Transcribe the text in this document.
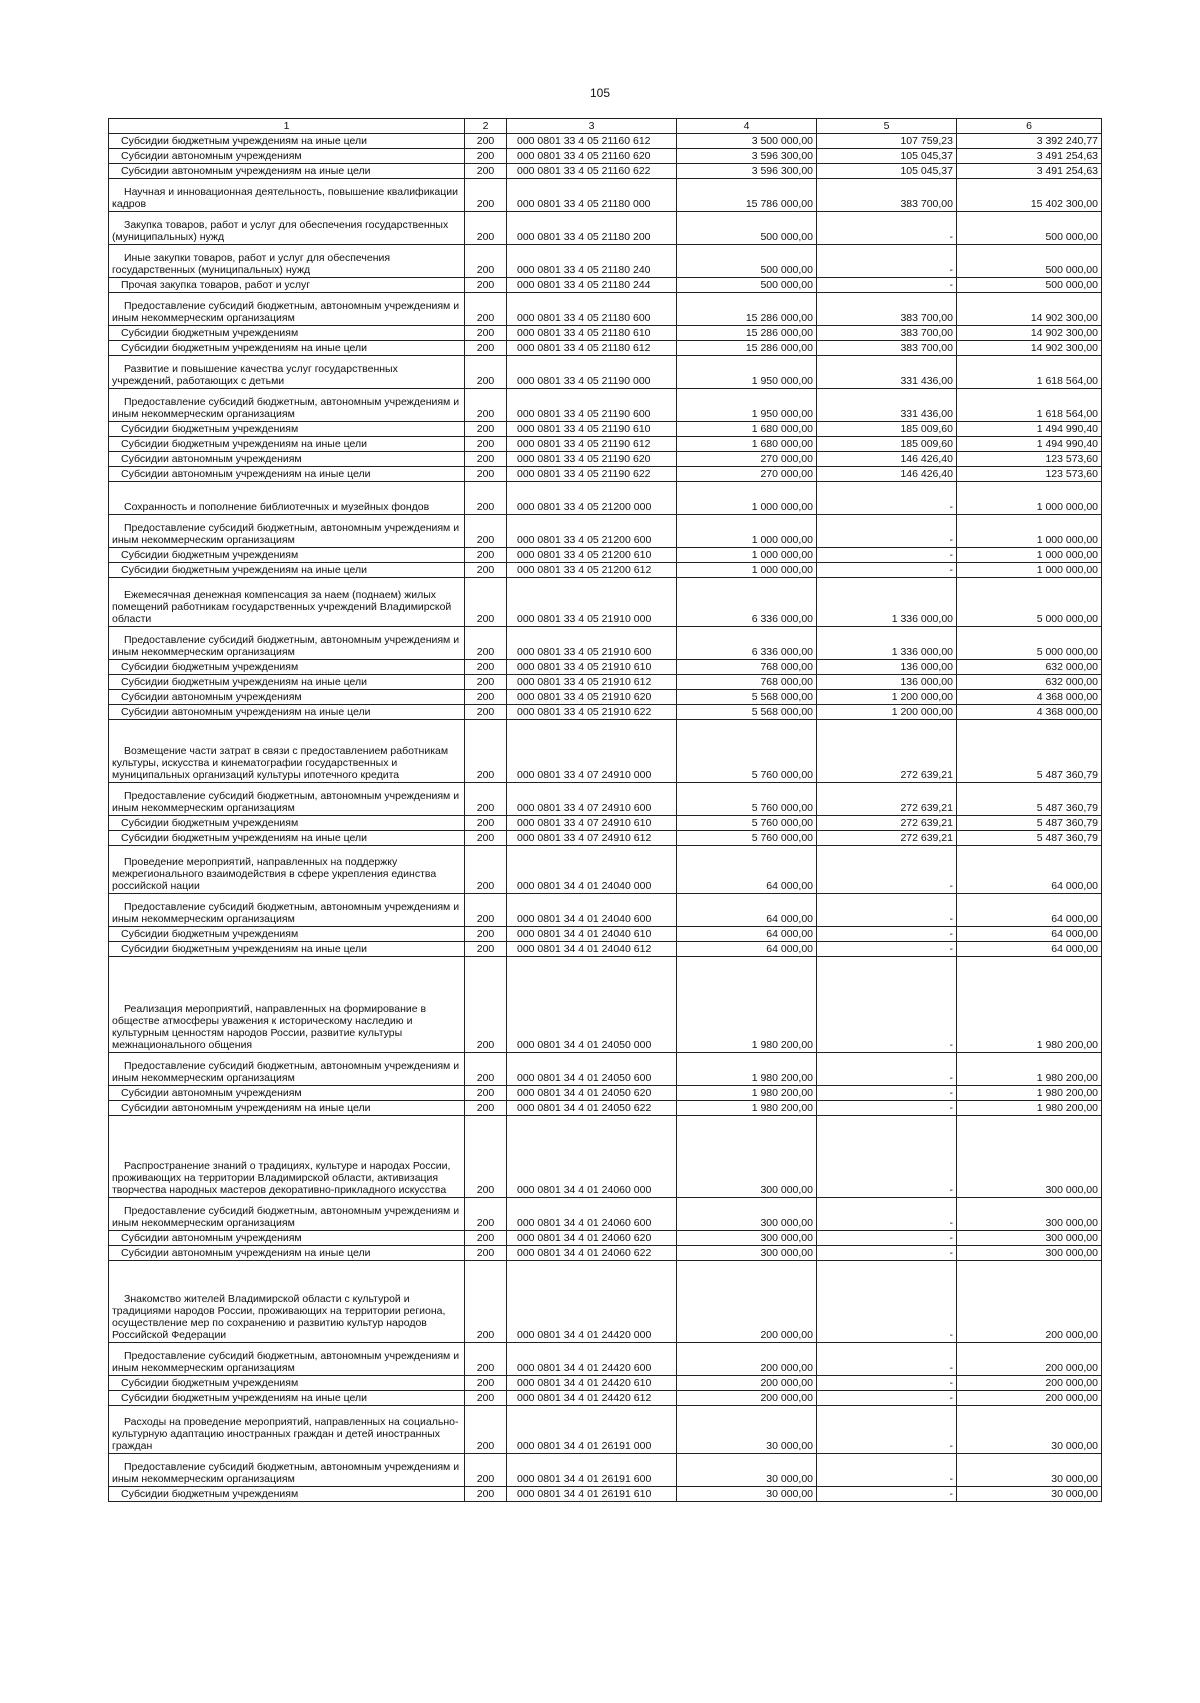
105
1	2	3	4	5	6
Субсидии бюджетным учреждениям на иные цели	200	000 0801 33 4 05 21160 612	3 500 000,00	107 759,23	3 392 240,77
Субсидии автономным учреждениям	200	000 0801 33 4 05 21160 620	3 596 300,00	105 045,37	3 491 254,63
Субсидии автономным учреждениям на иные цели	200	000 0801 33 4 05 21160 622	3 596 300,00	105 045,37	3 491 254,63
Научная и инновационная деятельность, повышение квалификации кадров	200	000 0801 33 4 05 21180 000	15 786 000,00	383 700,00	15 402 300,00
Закупка товаров, работ и услуг для обеспечения государственных (муниципальных) нужд	200	000 0801 33 4 05 21180 200	500 000,00	-	500 000,00
Иные закупки товаров, работ и услуг для обеспечения государственных (муниципальных) нужд	200	000 0801 33 4 05 21180 240	500 000,00	-	500 000,00
Прочая закупка товаров, работ и услуг	200	000 0801 33 4 05 21180 244	500 000,00	-	500 000,00
Предоставление субсидий бюджетным, автономным учреждениям и иным некоммерческим организациям	200	000 0801 33 4 05 21180 600	15 286 000,00	383 700,00	14 902 300,00
Субсидии бюджетным учреждениям	200	000 0801 33 4 05 21180 610	15 286 000,00	383 700,00	14 902 300,00
Субсидии бюджетным учреждениям на иные цели	200	000 0801 33 4 05 21180 612	15 286 000,00	383 700,00	14 902 300,00
Развитие и повышение качества услуг государственных учреждений, работающих с детьми	200	000 0801 33 4 05 21190 000	1 950 000,00	331 436,00	1 618 564,00
Предоставление субсидий бюджетным, автономным учреждениям и иным некоммерческим организациям	200	000 0801 33 4 05 21190 600	1 950 000,00	331 436,00	1 618 564,00
Субсидии бюджетным учреждениям	200	000 0801 33 4 05 21190 610	1 680 000,00	185 009,60	1 494 990,40
Субсидии бюджетным учреждениям на иные цели	200	000 0801 33 4 05 21190 612	1 680 000,00	185 009,60	1 494 990,40
Субсидии автономным учреждениям	200	000 0801 33 4 05 21190 620	270 000,00	146 426,40	123 573,60
Субсидии автономным учреждениям на иные цели	200	000 0801 33 4 05 21190 622	270 000,00	146 426,40	123 573,60
Сохранность и пополнение библиотечных и музейных фондов	200	000 0801 33 4 05 21200 000	1 000 000,00	-	1 000 000,00
Предоставление субсидий бюджетным, автономным учреждениям и иным некоммерческим организациям	200	000 0801 33 4 05 21200 600	1 000 000,00	-	1 000 000,00
Субсидии бюджетным учреждениям	200	000 0801 33 4 05 21200 610	1 000 000,00	-	1 000 000,00
Субсидии бюджетным учреждениям на иные цели	200	000 0801 33 4 05 21200 612	1 000 000,00	-	1 000 000,00
Ежемесячная денежная компенсация за наем (поднаем) жилых помещений работникам государственных учреждений Владимирской области	200	000 0801 33 4 05 21910 000	6 336 000,00	1 336 000,00	5 000 000,00
Предоставление субсидий бюджетным, автономным учреждениям и иным некоммерческим организациям	200	000 0801 33 4 05 21910 600	6 336 000,00	1 336 000,00	5 000 000,00
Субсидии бюджетным учреждениям	200	000 0801 33 4 05 21910 610	768 000,00	136 000,00	632 000,00
Субсидии бюджетным учреждениям на иные цели	200	000 0801 33 4 05 21910 612	768 000,00	136 000,00	632 000,00
Субсидии автономным учреждениям	200	000 0801 33 4 05 21910 620	5 568 000,00	1 200 000,00	4 368 000,00
Субсидии автономным учреждениям на иные цели	200	000 0801 33 4 05 21910 622	5 568 000,00	1 200 000,00	4 368 000,00
Возмещение части затрат в связи с предоставлением работникам культуры, искусства и кинематографии государственных и муниципальных организаций культуры ипотечного кредита	200	000 0801 33 4 07 24910 000	5 760 000,00	272 639,21	5 487 360,79
Предоставление субсидий бюджетным, автономным учреждениям и иным некоммерческим организациям	200	000 0801 33 4 07 24910 600	5 760 000,00	272 639,21	5 487 360,79
Субсидии бюджетным учреждениям	200	000 0801 33 4 07 24910 610	5 760 000,00	272 639,21	5 487 360,79
Субсидии бюджетным учреждениям на иные цели	200	000 0801 33 4 07 24910 612	5 760 000,00	272 639,21	5 487 360,79
Проведение мероприятий, направленных на поддержку межрегионального взаимодействия в сфере укрепления единства российской нации	200	000 0801 34 4 01 24040 000	64 000,00	-	64 000,00
Предоставление субсидий бюджетным, автономным учреждениям и иным некоммерческим организациям	200	000 0801 34 4 01 24040 600	64 000,00	-	64 000,00
Субсидии бюджетным учреждениям	200	000 0801 34 4 01 24040 610	64 000,00	-	64 000,00
Субсидии бюджетным учреждениям на иные цели	200	000 0801 34 4 01 24040 612	64 000,00	-	64 000,00
Реализация мероприятий, направленных на формирование в обществе атмосферы уважения к историческому наследию и культурным ценностям народов России, развитие культуры межнационального общения	200	000 0801 34 4 01 24050 000	1 980 200,00	-	1 980 200,00
Предоставление субсидий бюджетным, автономным учреждениям и иным некоммерческим организациям	200	000 0801 34 4 01 24050 600	1 980 200,00	-	1 980 200,00
Субсидии автономным учреждениям	200	000 0801 34 4 01 24050 620	1 980 200,00	-	1 980 200,00
Субсидии автономным учреждениям на иные цели	200	000 0801 34 4 01 24050 622	1 980 200,00	-	1 980 200,00
Распространение знаний о традициях, культуре и народах России, проживающих на территории Владимирской области, активизация творчества народных мастеров декоративно-прикладного искусства	200	000 0801 34 4 01 24060 000	300 000,00	-	300 000,00
Предоставление субсидий бюджетным, автономным учреждениям и иным некоммерческим организациям	200	000 0801 34 4 01 24060 600	300 000,00	-	300 000,00
Субсидии автономным учреждениям	200	000 0801 34 4 01 24060 620	300 000,00	-	300 000,00
Субсидии автономным учреждениям на иные цели	200	000 0801 34 4 01 24060 622	300 000,00	-	300 000,00
Знакомство жителей Владимирской области с культурой и традициями народов России, проживающих на территории региона, осуществление мер по сохранению и развитию культур народов Российской Федерации	200	000 0801 34 4 01 24420 000	200 000,00	-	200 000,00
Предоставление субсидий бюджетным, автономным учреждениям и иным некоммерческим организациям	200	000 0801 34 4 01 24420 600	200 000,00	-	200 000,00
Субсидии бюджетным учреждениям	200	000 0801 34 4 01 24420 610	200 000,00	-	200 000,00
Субсидии бюджетным учреждениям на иные цели	200	000 0801 34 4 01 24420 612	200 000,00	-	200 000,00
Расходы на проведение мероприятий, направленных на социально-культурную адаптацию иностранных граждан и детей иностранных граждан	200	000 0801 34 4 01 26191 000	30 000,00	-	30 000,00
Предоставление субсидий бюджетным, автономным учреждениям и иным некоммерческим организациям	200	000 0801 34 4 01 26191 600	30 000,00	-	30 000,00
Субсидии бюджетным учреждениям	200	000 0801 34 4 01 26191 610	30 000,00	-	30 000,00
